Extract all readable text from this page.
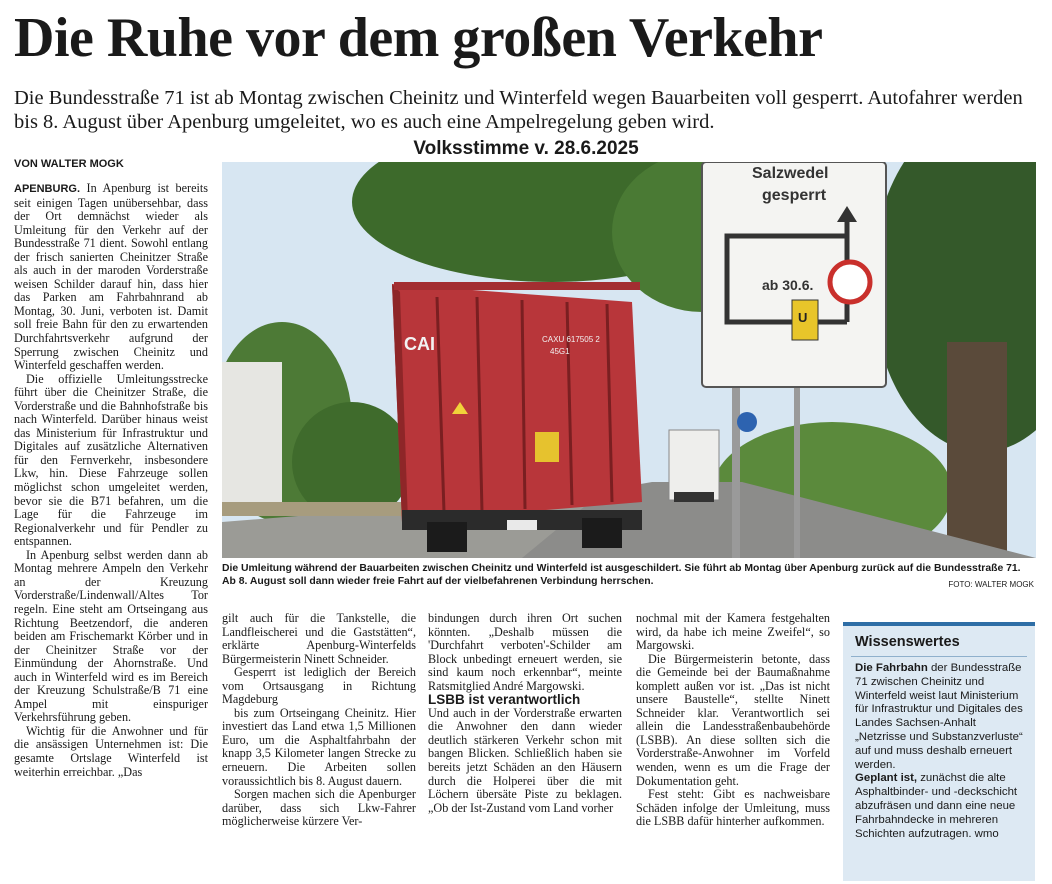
Die Ruhe vor dem großen Verkehr
Die Bundesstraße 71 ist ab Montag zwischen Cheinitz und Winterfeld wegen Bauarbeiten voll gesperrt. Autofahrer werden bis 8. August über Apenburg umgeleitet, wo es auch eine Ampelregelung geben wird.
Volksstimme v. 28.6.2025
VON WALTER MOGK

APENBURG. In Apenburg ist bereits seit einigen Tagen unübersehbar, dass der Ort demnächst wieder als Umleitung für den Verkehr auf der Bundesstraße 71 dient. Sowohl entlang der frisch sanierten Cheinitzer Straße als auch in der maroden Vorderstraße weisen Schilder darauf hin, dass hier das Parken am Fahrbahnrand ab Montag, 30. Juni, verboten ist. Damit soll freie Bahn für den zu erwartenden Durchfahrtsverkehr aufgrund der Sperrung zwischen Cheinitz und Winterfeld geschaffen werden.

Die offizielle Umleitungsstrecke führt über die Cheinitzer Straße, die Vorderstraße und die Bahnhofstraße bis nach Winterfeld. Darüber hinaus weist das Ministerium für Infrastruktur und Digitales auf zusätzliche Alternativen für den Fernverkehr, insbesondere Lkw, hin. Diese Fahrzeuge sollen möglichst schon umgeleitet werden, bevor sie die B71 befahren, um die Lage für die Fahrzeuge im Regionalverkehr und für Pendler zu entspannen.

In Apenburg selbst werden dann ab Montag mehrere Ampeln den Verkehr an der Kreuzung Vorderstraße/Lindenwall/Altes Tor regeln. Eine steht am Ortseingang aus Richtung Beetzendorf, die anderen beiden am Frischemarkt Körber und in der Cheinitzer Straße vor der Einmündung der Ahornstraße. Und auch in Winterfeld wird es im Bereich der Kreuzung Schulstraße/B 71 eine Ampel mit einspuriger Verkehrsführung geben.

Wichtig für die Anwohner und für die ansässigen Unternehmen ist: Die gesamte Ortslage Winterfeld ist weiterhin erreichbar. „Das

CAI	CAXU 617505 2
45G1
Salzwedel
gesperrt
ab 30.6.
U
Die Umleitung während der Bauarbeiten zwischen Cheinitz und Winterfeld ist ausgeschildert. Sie führt ab Montag über Apenburg zurück auf die Bundesstraße 71. Ab 8. August soll dann wieder freie Fahrt auf der vielbefahrenen Verbindung herrschen.	FOTO: WALTER MOGK

gilt auch für die Tankstelle, die Landfleischerei und die Gaststätten“, erklärte Apenburg-Winterfelds Bürgermeisterin Ninett Schneider.

Gesperrt ist lediglich der Bereich vom Ortsausgang in Richtung Magdeburg

bis zum Ortseingang Cheinitz. Hier investiert das Land etwa 1,5 Millionen Euro, um die Asphaltfahrbahn der knapp 3,5 Kilometer langen Strecke zu erneuern. Die Arbeiten sollen voraussichtlich bis 8. August dauern.

Sorgen machen sich die Apenburger darüber, dass sich Lkw-Fahrer möglicherweise kürzere Ver-

bindungen durch ihren Ort suchen könnten. „Deshalb müssen die 'Durchfahrt verboten'-Schilder am Block unbedingt erneuert werden, sie sind kaum noch erkennbar“, meinte Ratsmitglied André Margowski.

LSBB ist verantwortlich

Und auch in der Vorderstraße erwarten die Anwohner den dann wieder deutlich stärkeren Verkehr schon mit bangen Blicken. Schließlich haben sie bereits jetzt Schäden an den Häusern durch die Holperei über die mit Löchern übersäte Piste zu beklagen. „Ob der Ist-Zustand vom Land vorher

nochmal mit der Kamera festgehalten wird, da habe ich meine Zweifel“, so Margowski.

Die Bürgermeisterin betonte, dass die Gemeinde bei der Baumaßnahme komplett außen vor ist. „Das ist nicht unsere Baustelle“, stellte Ninett Schneider klar. Verantwortlich sei allein die Landesstraßenbaubehörde (LSBB). An diese sollten sich die Vorderstraße-Anwohner im Vorfeld wenden, wenn es um die Frage der Dokumentation geht.

Fest steht: Gibt es nachweisbare Schäden infolge der Umleitung, muss die LSBB dafür hinterher aufkommen.

Wissenswertes

Die Fahrbahn der Bundesstraße 71 zwischen Cheinitz und Winterfeld weist laut Ministerium für Infrastruktur und Digitales des Landes Sachsen-Anhalt „Netzrisse und Substanzverluste“ auf und muss deshalb erneuert werden.

Geplant ist, zunächst die alte Asphaltbinder- und -deckschicht abzufräsen und dann eine neue Fahrbahndecke in mehreren Schichten aufzutragen. wmo
